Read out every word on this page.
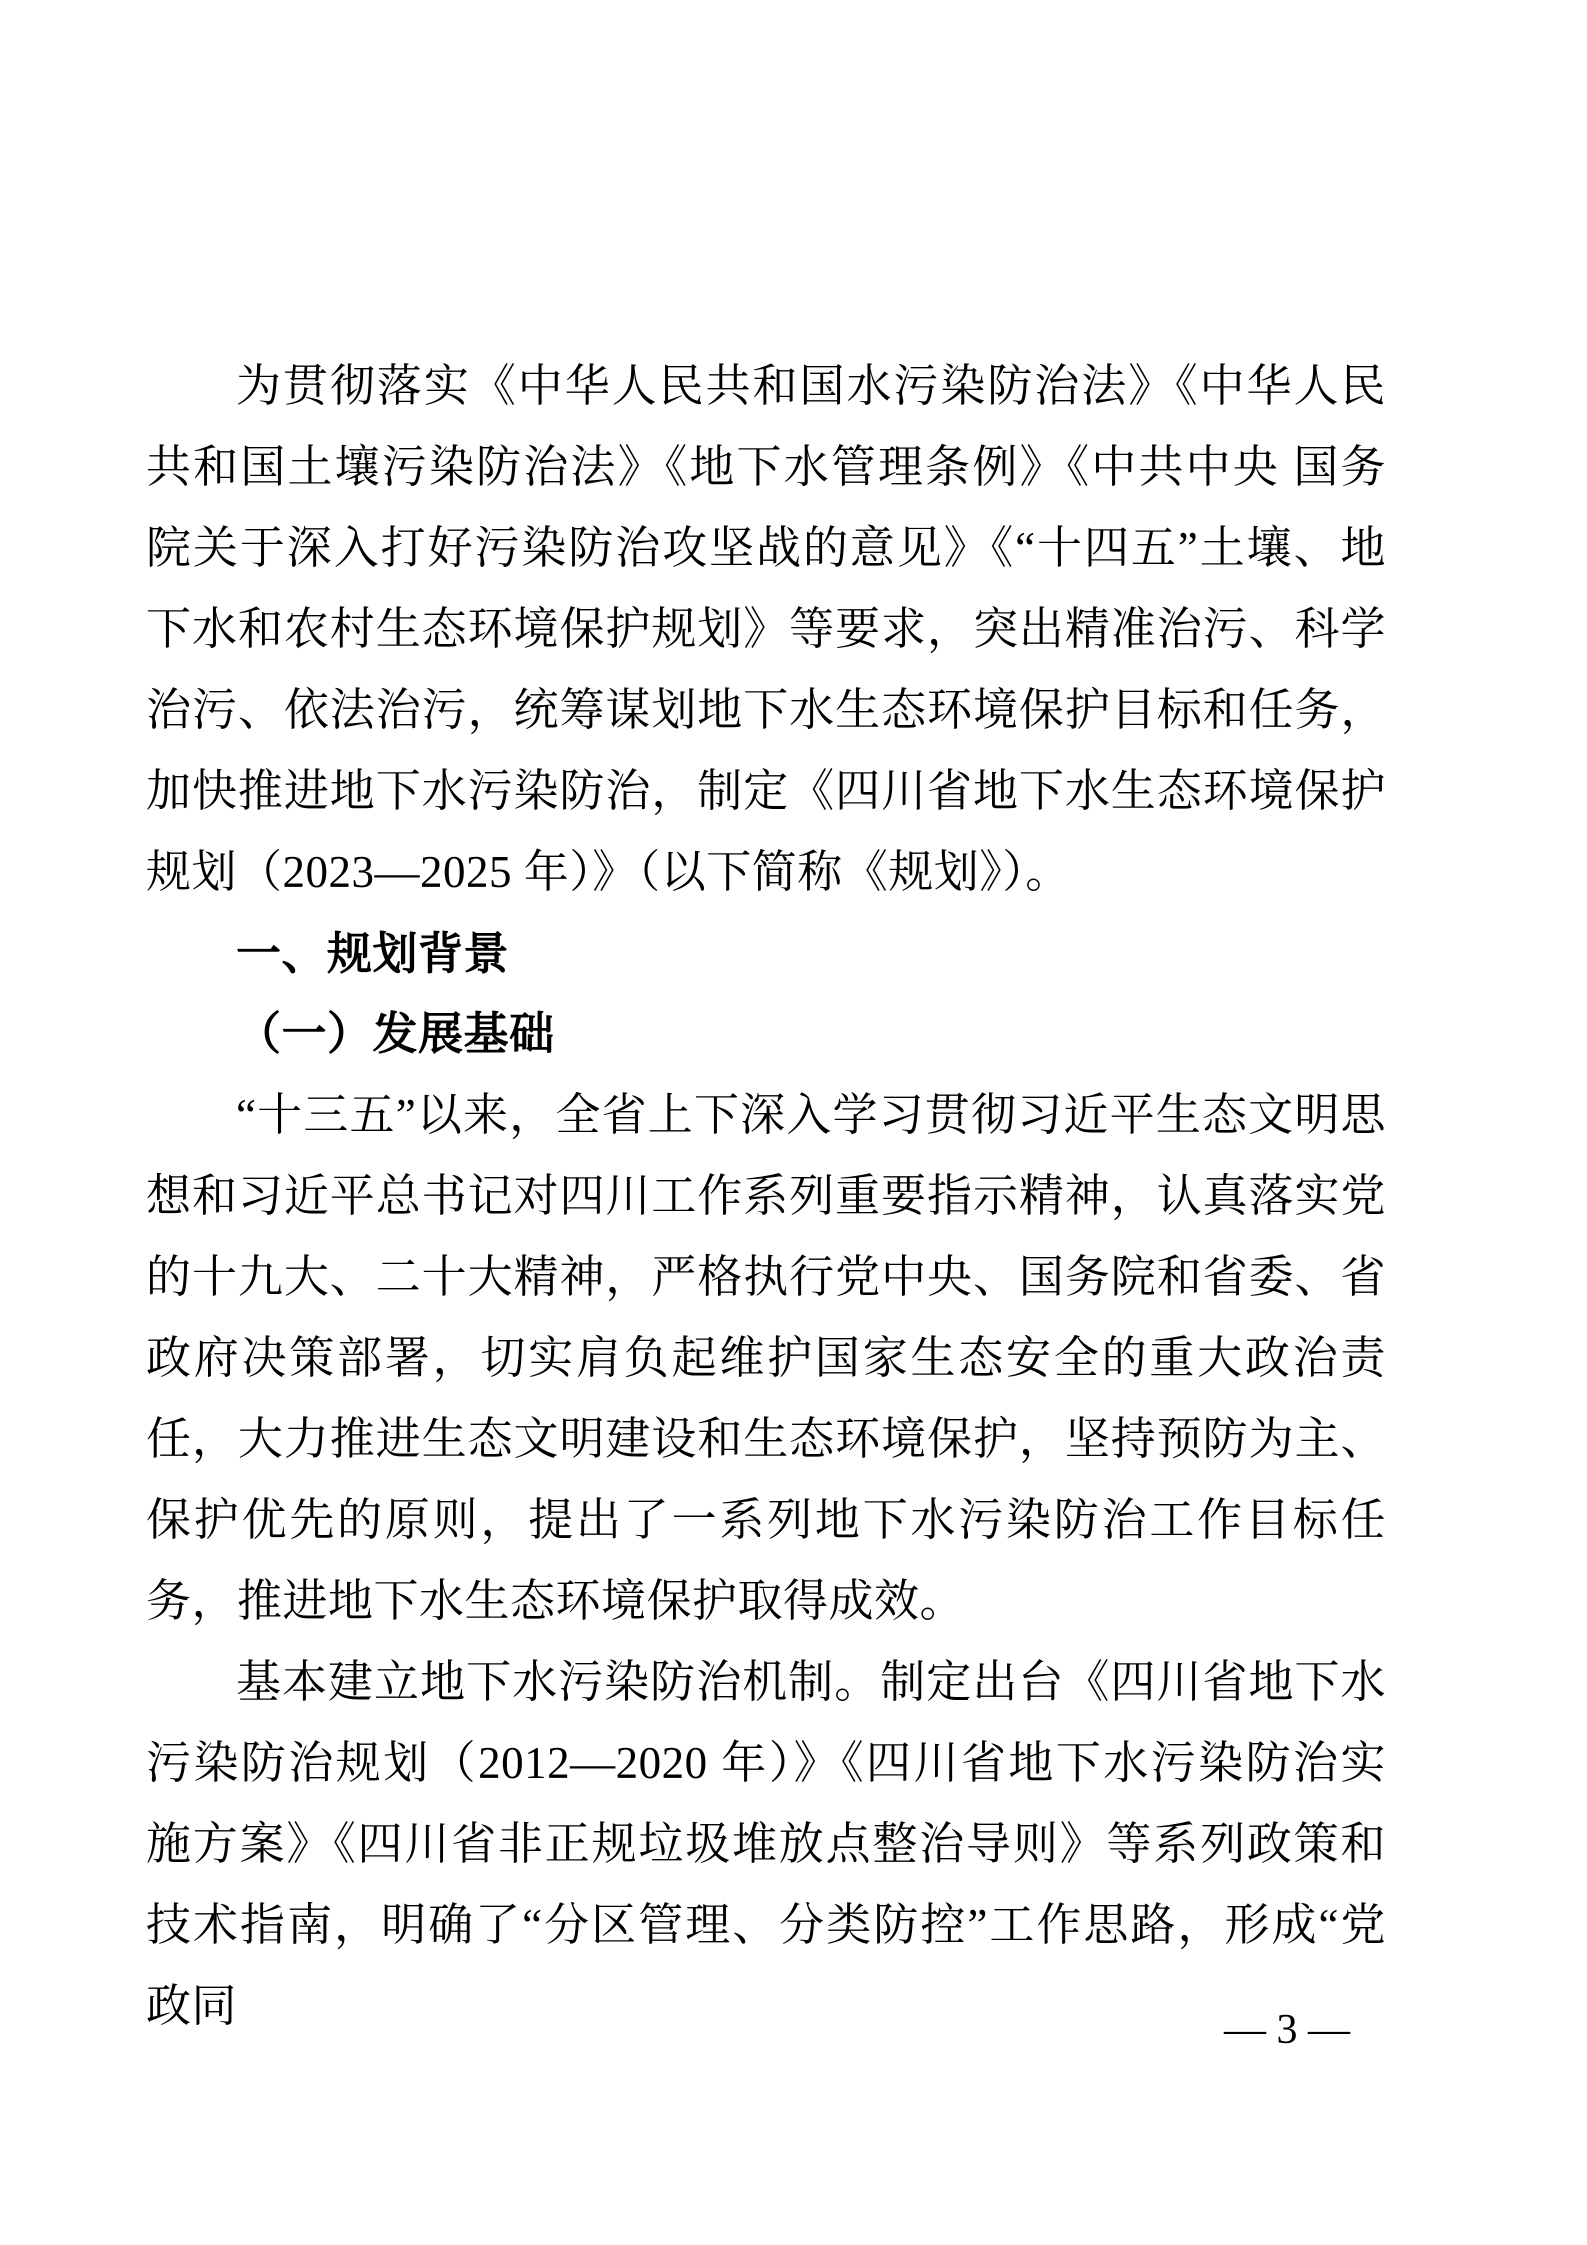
为贯彻落实《中华人民共和国水污染防治法》《中华人民共和国土壤污染防治法》《地下水管理条例》《中共中央 国务院关于深入打好污染防治攻坚战的意见》《“十四五”土壤、地下水和农村生态环境保护规划》等要求，突出精准治污、科学治污、依法治污，统筹谋划地下水生态环境保护目标和任务，加快推进地下水污染防治，制定《四川省地下水生态环境保护规划（2023—2025 年）》（以下简称《规划》）。

一、规划背景

（一）发展基础

“十三五”以来，全省上下深入学习贯彻习近平生态文明思想和习近平总书记对四川工作系列重要指示精神，认真落实党的十九大、二十大精神，严格执行党中央、国务院和省委、省政府决策部署，切实肩负起维护国家生态安全的重大政治责任，大力推进生态文明建设和生态环境保护，坚持预防为主、保护优先的原则，提出了一系列地下水污染防治工作目标任务，推进地下水生态环境保护取得成效。

基本建立地下水污染防治机制。制定出台《四川省地下水污染防治规划（2012—2020 年）》《四川省地下水污染防治实施方案》《四川省非正规垃圾堆放点整治导则》等系列政策和技术指南，明确了“分区管理、分类防控”工作思路，形成“党政同	— 3 —
